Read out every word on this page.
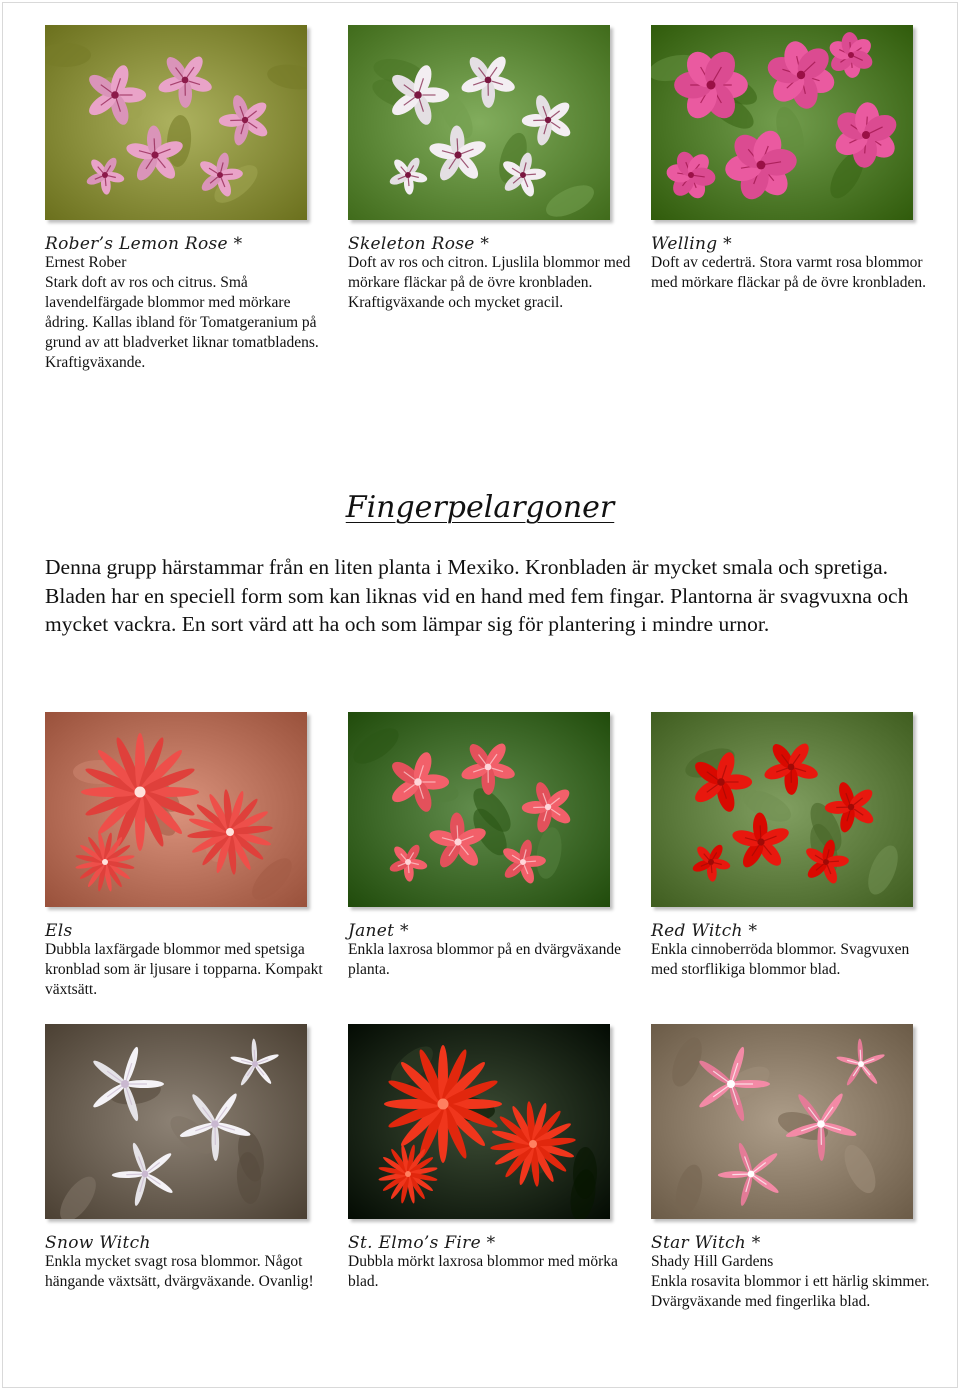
Rober’s Lemon Rose *
Ernest Rober
Stark doft av ros och citrus. Små lavendelfärgade blommor med mörkare ådring. Kallas ibland för Tomatgeranium på grund av att bladverket liknar tomatbladens. Kraftigväxande.
Skeleton Rose *
Doft av ros och citron. Ljuslila blommor med mörkare fläckar på de övre kronbladen. Kraftigväxande och mycket gracil.
Welling *
Doft av cederträ. Stora varmt rosa blommor med mörkare fläckar på de övre kronbladen.
Fingerpelargoner
Denna grupp härstammar från en liten planta i Mexiko. Kronbladen är mycket smala och spretiga. Bladen har en speciell form som kan liknas vid en hand med fem fingar. Plantorna är svagvuxna och mycket vackra. En sort värd att ha och som lämpar sig för plantering i mindre urnor.
Els
Dubbla laxfärgade blommor med spetsiga kronblad som är ljusare i topparna. Kompakt växtsätt.
Janet *
Enkla laxrosa blommor på en dvärgväxande planta.
Red Witch *
Enkla cinnoberröda blommor. Svagvuxen med storflikiga blommor blad.
Snow Witch
Enkla mycket svagt rosa blommor. Något hängande växtsätt, dvärgväxande. Ovanlig!
St. Elmo’s Fire *
Dubbla mörkt laxrosa blommor med mörka blad.
Star Witch *
Shady Hill Gardens
Enkla rosavita blommor i ett härlig skimmer. Dvärgväxande med fingerlika blad.
